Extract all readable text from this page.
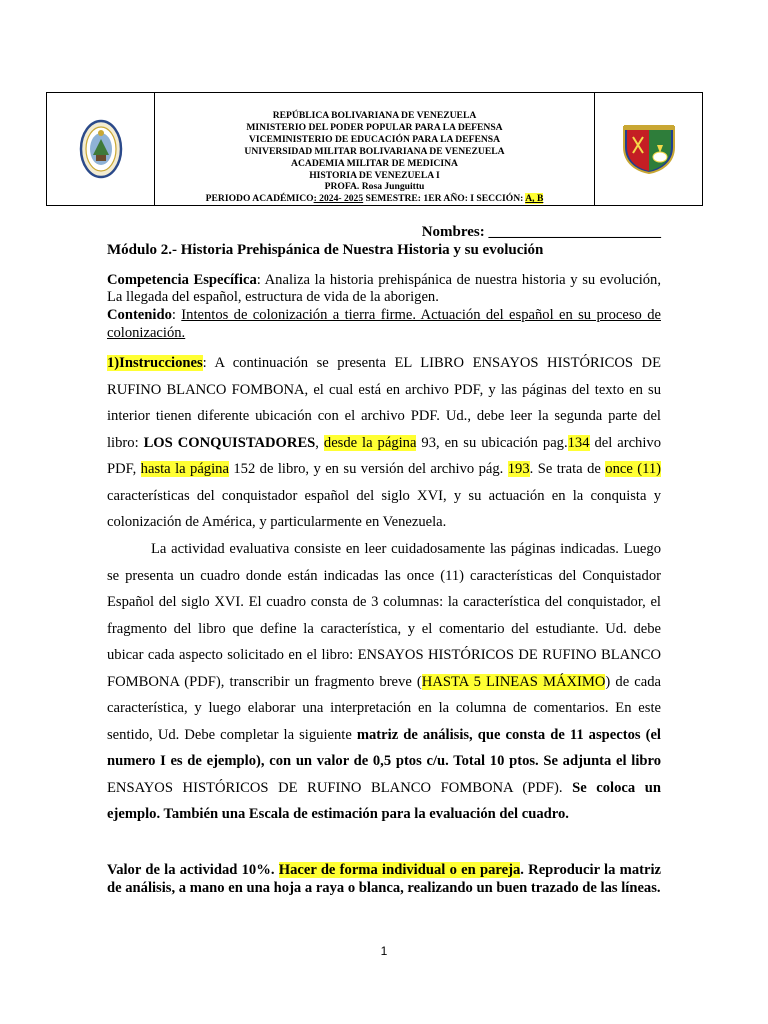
REPÚBLICA BOLIVARIANA DE VENEZUELA
MINISTERIO DEL PODER POPULAR PARA LA DEFENSA
VICEMINISTERIO DE EDUCACIÓN PARA LA DEFENSA
UNIVERSIDAD MILITAR BOLIVARIANA DE VENEZUELA
ACADEMIA MILITAR DE MEDICINA
HISTORIA DE VENEZUELA I
PROFA. Rosa Junguittu
PERIODO ACADÉMICO: 2024- 2025 SEMESTRE: 1ER AÑO: I SECCIÓN: A, B
Nombres: _______________________
Módulo 2.- Historia Prehispánica de Nuestra Historia y su evolución
Competencia Específica: Analiza la historia prehispánica de nuestra historia y su evolución, La llegada del español, estructura de vida de la aborigen.
Contenido: Intentos de colonización a tierra firme. Actuación del español en su proceso de colonización.

1)Instrucciones: A continuación se presenta EL LIBRO ENSAYOS HISTÓRICOS DE RUFINO BLANCO FOMBONA, el cual está en archivo PDF, y las páginas del texto en su interior tienen diferente ubicación con el archivo PDF. Ud., debe leer la segunda parte del libro: LOS CONQUISTADORES, desde la página 93, en su ubicación pag.134 del archivo PDF, hasta la página 152 de libro, y en su versión del archivo pág. 193. Se trata de once (11) características del conquistador español del siglo XVI, y su actuación en la conquista y colonización de América, y particularmente en Venezuela.

La actividad evaluativa consiste en leer cuidadosamente las páginas indicadas. Luego se presenta un cuadro donde están indicadas las once (11) características del Conquistador Español del siglo XVI. El cuadro consta de 3 columnas: la característica del conquistador, el fragmento del libro que define la característica, y el comentario del estudiante. Ud. debe ubicar cada aspecto solicitado en el libro: ENSAYOS HISTÓRICOS DE RUFINO BLANCO FOMBONA (PDF), transcribir un fragmento breve (HASTA 5 LINEAS MÁXIMO) de cada característica, y luego elaborar una interpretación en la columna de comentarios. En este sentido, Ud. Debe completar la siguiente matriz de análisis, que consta de 11 aspectos (el numero I es de ejemplo), con un valor de 0,5 ptos c/u. Total 10 ptos. Se adjunta el libro ENSAYOS HISTÓRICOS DE RUFINO BLANCO FOMBONA (PDF). Se coloca un ejemplo. También una Escala de estimación para la evaluación del cuadro.

Valor de la actividad 10%. Hacer de forma individual o en pareja. Reproducir la matriz de análisis, a mano en una hoja a raya o blanca, realizando un buen trazado de las líneas.
1
